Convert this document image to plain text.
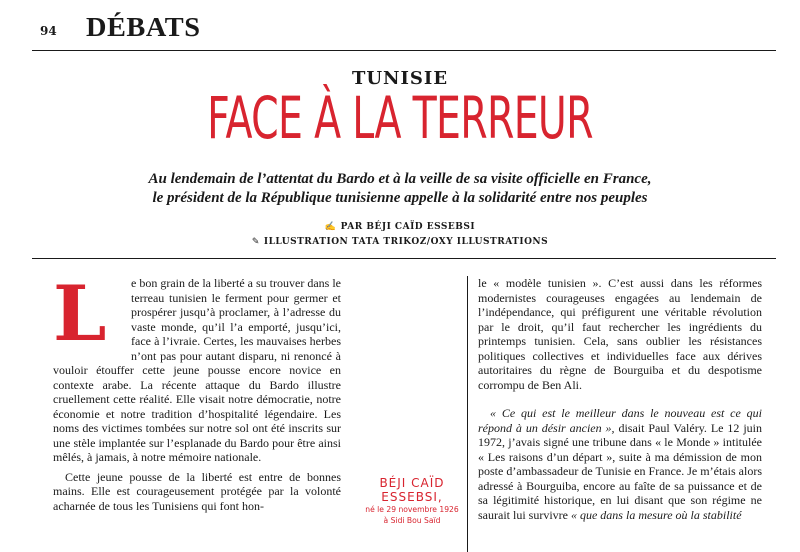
94 DÉBATS
TUNISIE
FACE À LA TERREUR
Au lendemain de l’attentat du Bardo et à la veille de sa visite officielle en France,
le président de la République tunisienne appelle à la solidarité entre nos peuples
✍ PAR BÉJI CAÏD ESSEBSI
✎ ILLUSTRATION TATA TRIKOZ/OXY ILLUSTRATIONS

L e bon grain de la liberté a su trouver dans le terreau tunisien le ferment pour germer et prospérer jusqu’à proclamer, à l’adresse du vaste monde, qu’il l’a emporté, jusqu’ici, face à l’ivraie. Certes, les mauvaises herbes n’ont pas pour autant disparu, ni renoncé à vouloir étouffer cette jeune pousse encore novice en contexte arabe. La récente attaque du Bardo illustre cruellement cette réalité. Elle visait notre démocratie, notre économie et notre tradition d’hospitalité légendaire. Les noms des victimes tombées sur notre sol ont été inscrits sur une stèle implantée sur l’esplanade du Bardo pour être ainsi mêlés, à jamais, à notre mémoire nationale.

Cette jeune pousse de la liberté est entre de bonnes mains. Elle est courageusement protégée par la volonté acharnée de tous les Tunisiens qui font hon-

BÉJI CAÏD
ESSEBSI,
né le 29 novembre 1926
à Sidi Bou Saïd

le « modèle tunisien ». C’est aussi dans les réformes modernistes courageuses engagées au lendemain de l’indépendance, qui préfigurent une véritable révolution par le droit, qu’il faut rechercher les ingrédients du printemps tunisien. Cela, sans oublier les résistances politiques collectives et individuelles face aux dérives autoritaires du règne de Bourguiba et du despotisme corrompu de Ben Ali.

« Ce qui est le meilleur dans le nouveau est ce qui répond à un désir ancien », disait Paul Valéry. Le 12 juin 1972, j’avais signé une tribune dans « le Monde » intitulée « Les raisons d’un départ », suite à ma démission de mon poste d’ambassadeur de Tunisie en France. Je m’étais alors adressé à Bourguiba, encore au faîte de sa puissance et de sa légitimité historique, en lui disant que son régime ne saurait lui survivre « que dans la mesure où la stabilité
